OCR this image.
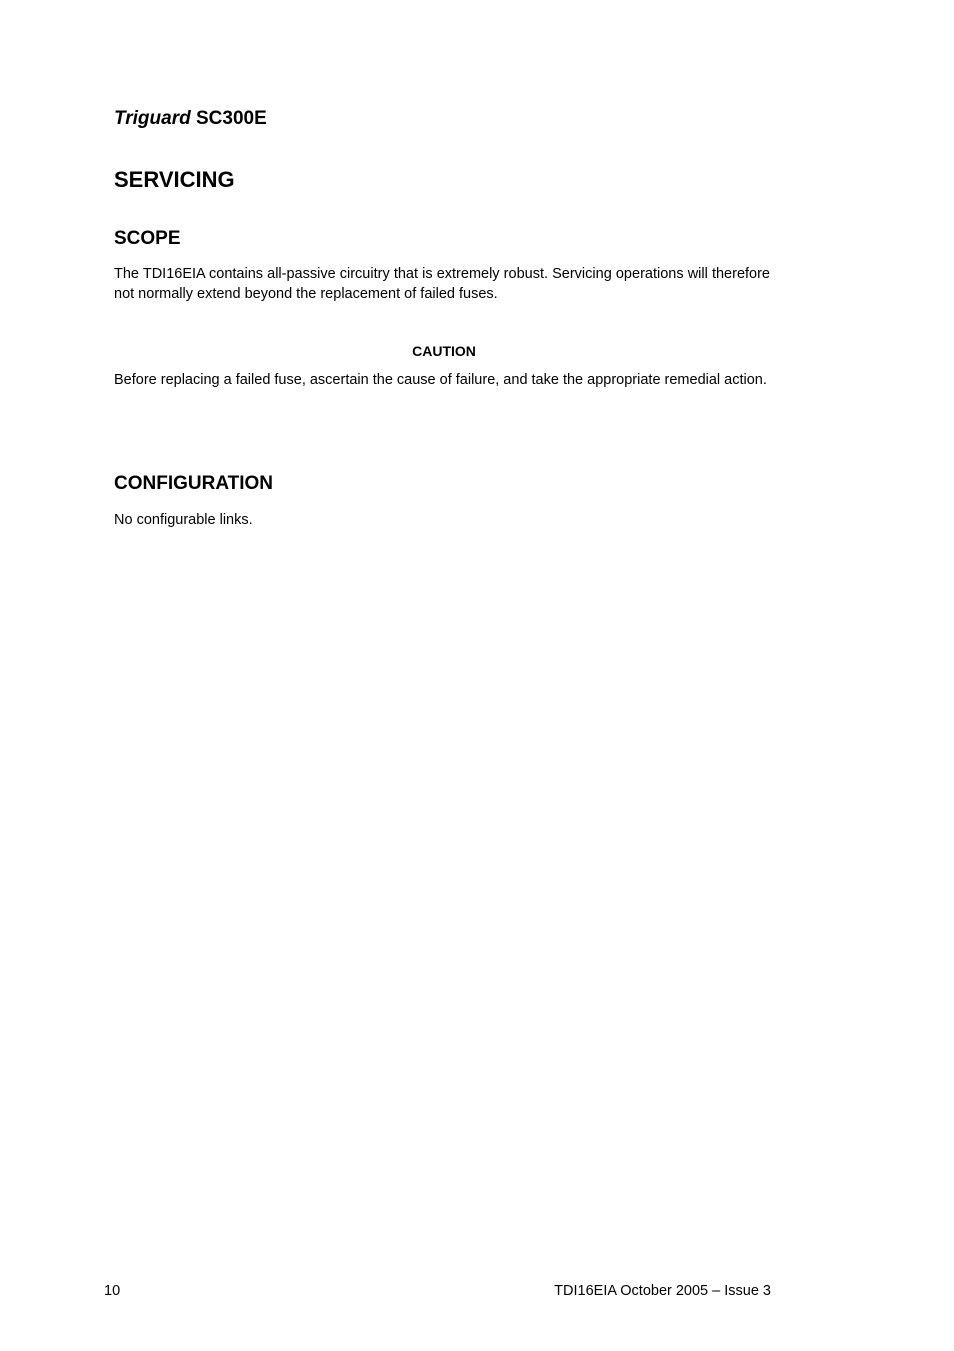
Triguard SC300E
SERVICING
SCOPE

The TDI16EIA contains all-passive circuitry that is extremely robust. Servicing operations will therefore not normally extend beyond the replacement of failed fuses.

CAUTION

Before replacing a failed fuse, ascertain the cause of failure, and take the appropriate remedial action.

CONFIGURATION

No configurable links.

10	TDI16EIA October 2005 – Issue 3
